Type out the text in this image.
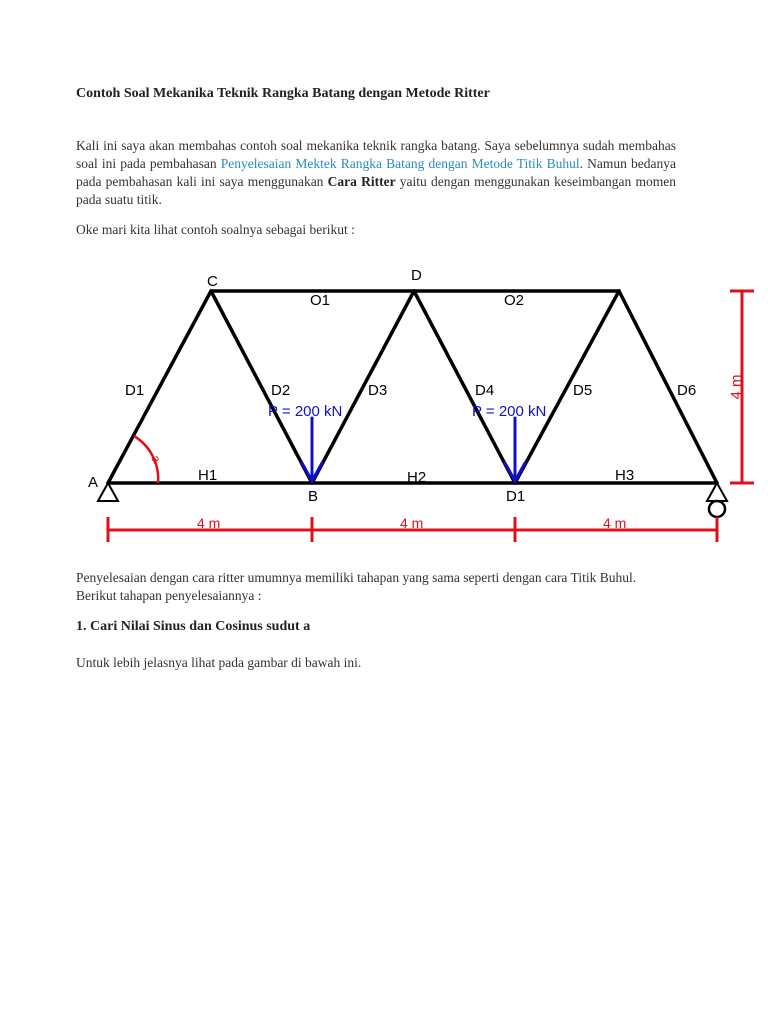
Contoh Soal Mekanika Teknik Rangka Batang dengan Metode Ritter

Kali ini saya akan membahas contoh soal mekanika teknik rangka batang. Saya sebelumnya sudah membahas soal ini pada pembahasan Penyelesaian Mektek Rangka Batang dengan Metode Titik Buhul. Namun bedanya pada pembahasan kali ini saya menggunakan Cara Ritter yaitu dengan menggunakan keseimbangan momen pada suatu titik.

Oke mari kita lihat contoh soalnya sebagai berikut :

a
P = 200 kN	P = 200 kN
C	D
A
B	D1
O1	O2
D1	D2	D3	D4	D5	D6
H1	H2	H3
4 m	4 m	4 m
4 m

Penyelesaian dengan cara ritter umumnya memiliki tahapan yang sama seperti dengan cara Titik Buhul. Berikut tahapan penyelesaiannya :

1. Cari Nilai Sinus dan Cosinus sudut a

Untuk lebih jelasnya lihat pada gambar di bawah ini.
